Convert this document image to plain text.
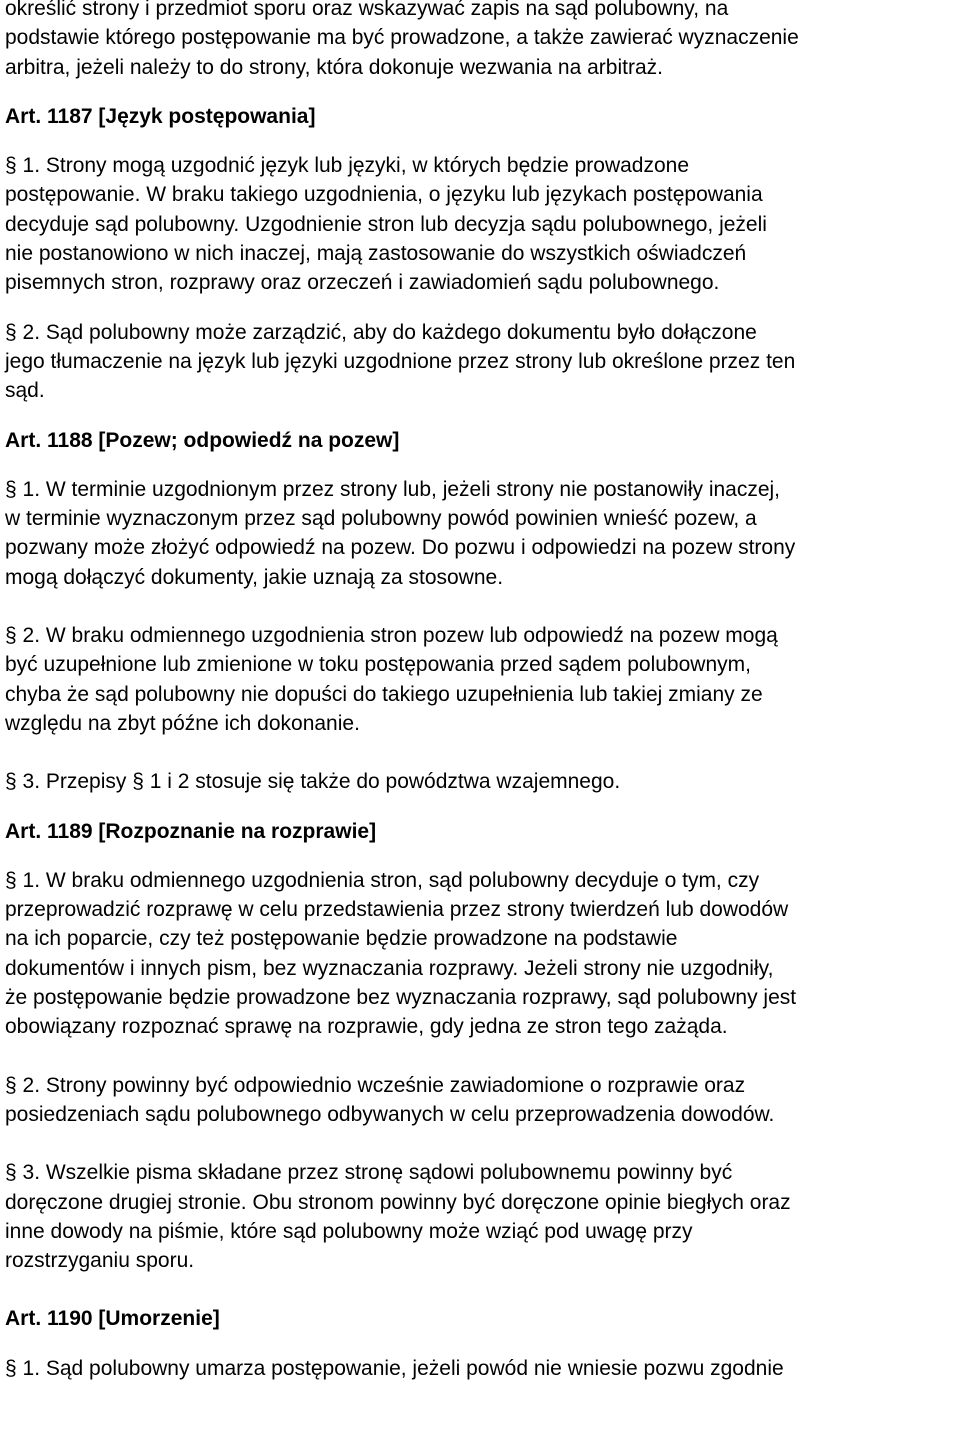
określić strony i przedmiot sporu oraz wskazywać zapis na sąd polubowny, na
podstawie którego postępowanie ma być prowadzone, a także zawierać wyznaczenie
arbitra, jeżeli należy to do strony, która dokonuje wezwania na arbitraż.
Art. 1187 [Język postępowania]
§ 1. Strony mogą uzgodnić język lub języki, w których będzie prowadzone
postępowanie. W braku takiego uzgodnienia, o języku lub językach postępowania
decyduje sąd polubowny. Uzgodnienie stron lub decyzja sądu polubownego, jeżeli
nie postanowiono w nich inaczej, mają zastosowanie do wszystkich oświadczeń
pisemnych stron, rozprawy oraz orzeczeń i zawiadomień sądu polubownego.
§ 2. Sąd polubowny może zarządzić, aby do każdego dokumentu było dołączone
jego tłumaczenie na język lub języki uzgodnione przez strony lub określone przez ten
sąd.
Art. 1188 [Pozew; odpowiedź na pozew]
§ 1. W terminie uzgodnionym przez strony lub, jeżeli strony nie postanowiły inaczej,
w terminie wyznaczonym przez sąd polubowny powód powinien wnieść pozew, a
pozwany może złożyć odpowiedź na pozew. Do pozwu i odpowiedzi na pozew strony
mogą dołączyć dokumenty, jakie uznają za stosowne.
§ 2. W braku odmiennego uzgodnienia stron pozew lub odpowiedź na pozew mogą
być uzupełnione lub zmienione w toku postępowania przed sądem polubownym,
chyba że sąd polubowny nie dopuści do takiego uzupełnienia lub takiej zmiany ze
względu na zbyt późne ich dokonanie.
§ 3. Przepisy § 1 i 2 stosuje się także do powództwa wzajemnego.
Art. 1189 [Rozpoznanie na rozprawie]
§ 1. W braku odmiennego uzgodnienia stron, sąd polubowny decyduje o tym, czy
przeprowadzić rozprawę w celu przedstawienia przez strony twierdzeń lub dowodów
na ich poparcie, czy też postępowanie będzie prowadzone na podstawie
dokumentów i innych pism, bez wyznaczania rozprawy. Jeżeli strony nie uzgodniły,
że postępowanie będzie prowadzone bez wyznaczania rozprawy, sąd polubowny jest
obowiązany rozpoznać sprawę na rozprawie, gdy jedna ze stron tego zażąda.
§ 2. Strony powinny być odpowiednio wcześnie zawiadomione o rozprawie oraz
posiedzeniach sądu polubownego odbywanych w celu przeprowadzenia dowodów.
§ 3. Wszelkie pisma składane przez stronę sądowi polubownemu powinny być
doręczone drugiej stronie. Obu stronom powinny być doręczone opinie biegłych oraz
inne dowody na piśmie, które sąd polubowny może wziąć pod uwagę przy
rozstrzyganiu sporu.
Art. 1190 [Umorzenie]
§ 1. Sąd polubowny umarza postępowanie, jeżeli powód nie wniesie pozwu zgodnie
